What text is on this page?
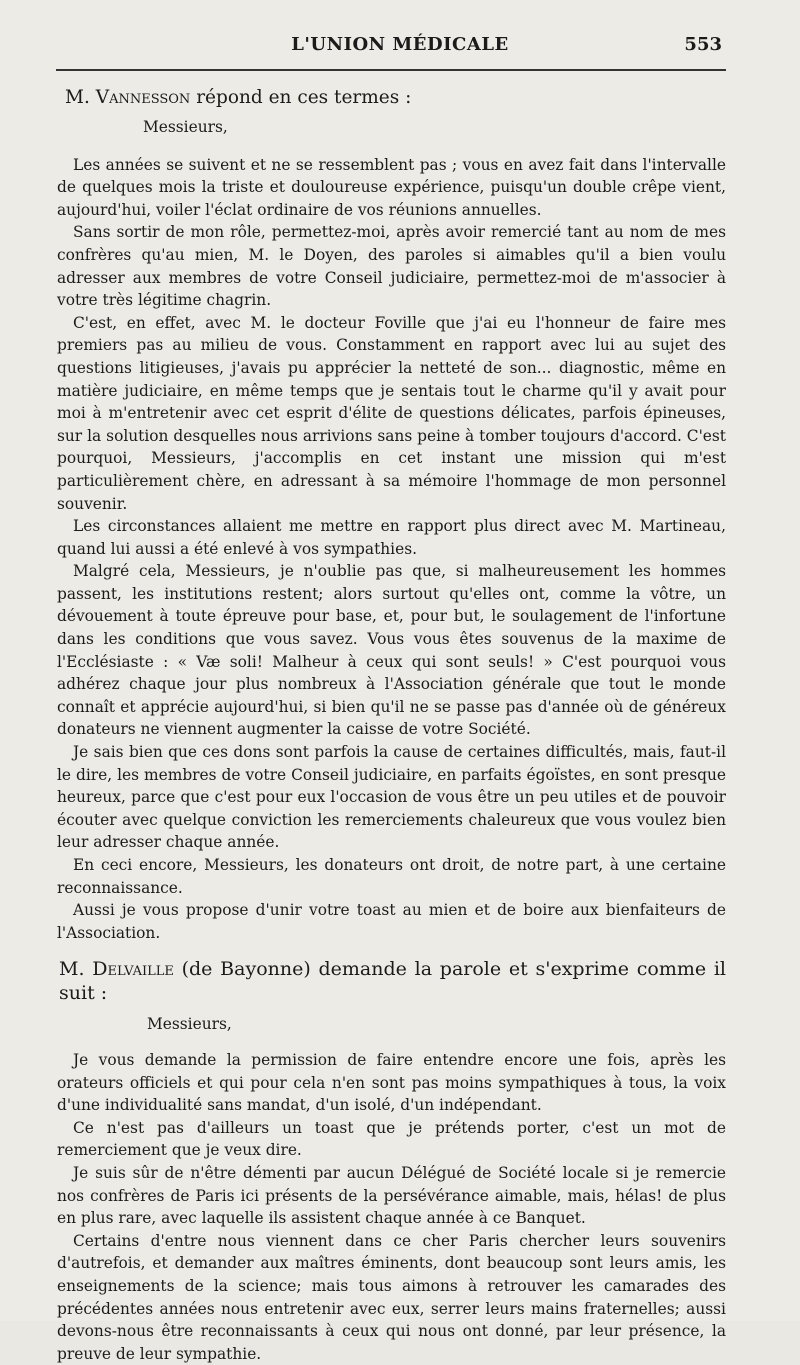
L'UNION MÉDICALE	553
M. Vannesson répond en ces termes :
Messieurs,

Les années se suivent et ne se ressemblent pas ; vous en avez fait dans l'intervalle de quelques mois la triste et douloureuse expérience, puisqu'un double crêpe vient, aujourd'hui, voiler l'éclat ordinaire de vos réunions annuelles.

Sans sortir de mon rôle, permettez-moi, après avoir remercié tant au nom de mes confrères qu'au mien, M. le Doyen, des paroles si aimables qu'il a bien voulu adresser aux membres de votre Conseil judiciaire, permettez-moi de m'associer à votre très légitime chagrin.

C'est, en effet, avec M. le docteur Foville que j'ai eu l'honneur de faire mes premiers pas au milieu de vous. Constamment en rapport avec lui au sujet des questions litigieuses, j'avais pu apprécier la netteté de son... diagnostic, même en matière judiciaire, en même temps que je sentais tout le charme qu'il y avait pour moi à m'entretenir avec cet esprit d'élite de questions délicates, parfois épineuses, sur la solution desquelles nous arrivions sans peine à tomber toujours d'accord. C'est pourquoi, Messieurs, j'accomplis en cet instant une mission qui m'est particulièrement chère, en adressant à sa mémoire l'hommage de mon personnel souvenir.

Les circonstances allaient me mettre en rapport plus direct avec M. Martineau, quand lui aussi a été enlevé à vos sympathies.

Malgré cela, Messieurs, je n'oublie pas que, si malheureusement les hommes passent, les institutions restent; alors surtout qu'elles ont, comme la vôtre, un dévouement à toute épreuve pour base, et, pour but, le soulagement de l'infortune dans les conditions que vous savez. Vous vous êtes souvenus de la maxime de l'Ecclésiaste : « Væ soli! Malheur à ceux qui sont seuls! » C'est pourquoi vous adhérez chaque jour plus nombreux à l'Association générale que tout le monde connaît et apprécie aujourd'hui, si bien qu'il ne se passe pas d'année où de généreux donateurs ne viennent augmenter la caisse de votre Société.

Je sais bien que ces dons sont parfois la cause de certaines difficultés, mais, faut-il le dire, les membres de votre Conseil judiciaire, en parfaits égoïstes, en sont presque heureux, parce que c'est pour eux l'occasion de vous être un peu utiles et de pouvoir écouter avec quelque conviction les remerciements chaleureux que vous voulez bien leur adresser chaque année.

En ceci encore, Messieurs, les donateurs ont droit, de notre part, à une certaine reconnaissance.

Aussi je vous propose d'unir votre toast au mien et de boire aux bienfaiteurs de l'Association.

M. Delvaille (de Bayonne) demande la parole et s'exprime comme il suit :
Messieurs,

Je vous demande la permission de faire entendre encore une fois, après les orateurs officiels et qui pour cela n'en sont pas moins sympathiques à tous, la voix d'une individualité sans mandat, d'un isolé, d'un indépendant.

Ce n'est pas d'ailleurs un toast que je prétends porter, c'est un mot de remerciement que je veux dire.

Je suis sûr de n'être démenti par aucun Délégué de Société locale si je remercie nos confrères de Paris ici présents de la persévérance aimable, mais, hélas! de plus en plus rare, avec laquelle ils assistent chaque année à ce Banquet.

Certains d'entre nous viennent dans ce cher Paris chercher leurs souvenirs d'autrefois, et demander aux maîtres éminents, dont beaucoup sont leurs amis, les enseignements de la science; mais tous aimons à retrouver les camarades des précédentes années nous entretenir avec eux, serrer leurs mains fraternelles; aussi devons-nous être reconnaissants à ceux qui nous ont donné, par leur présence, la preuve de leur sympathie.
